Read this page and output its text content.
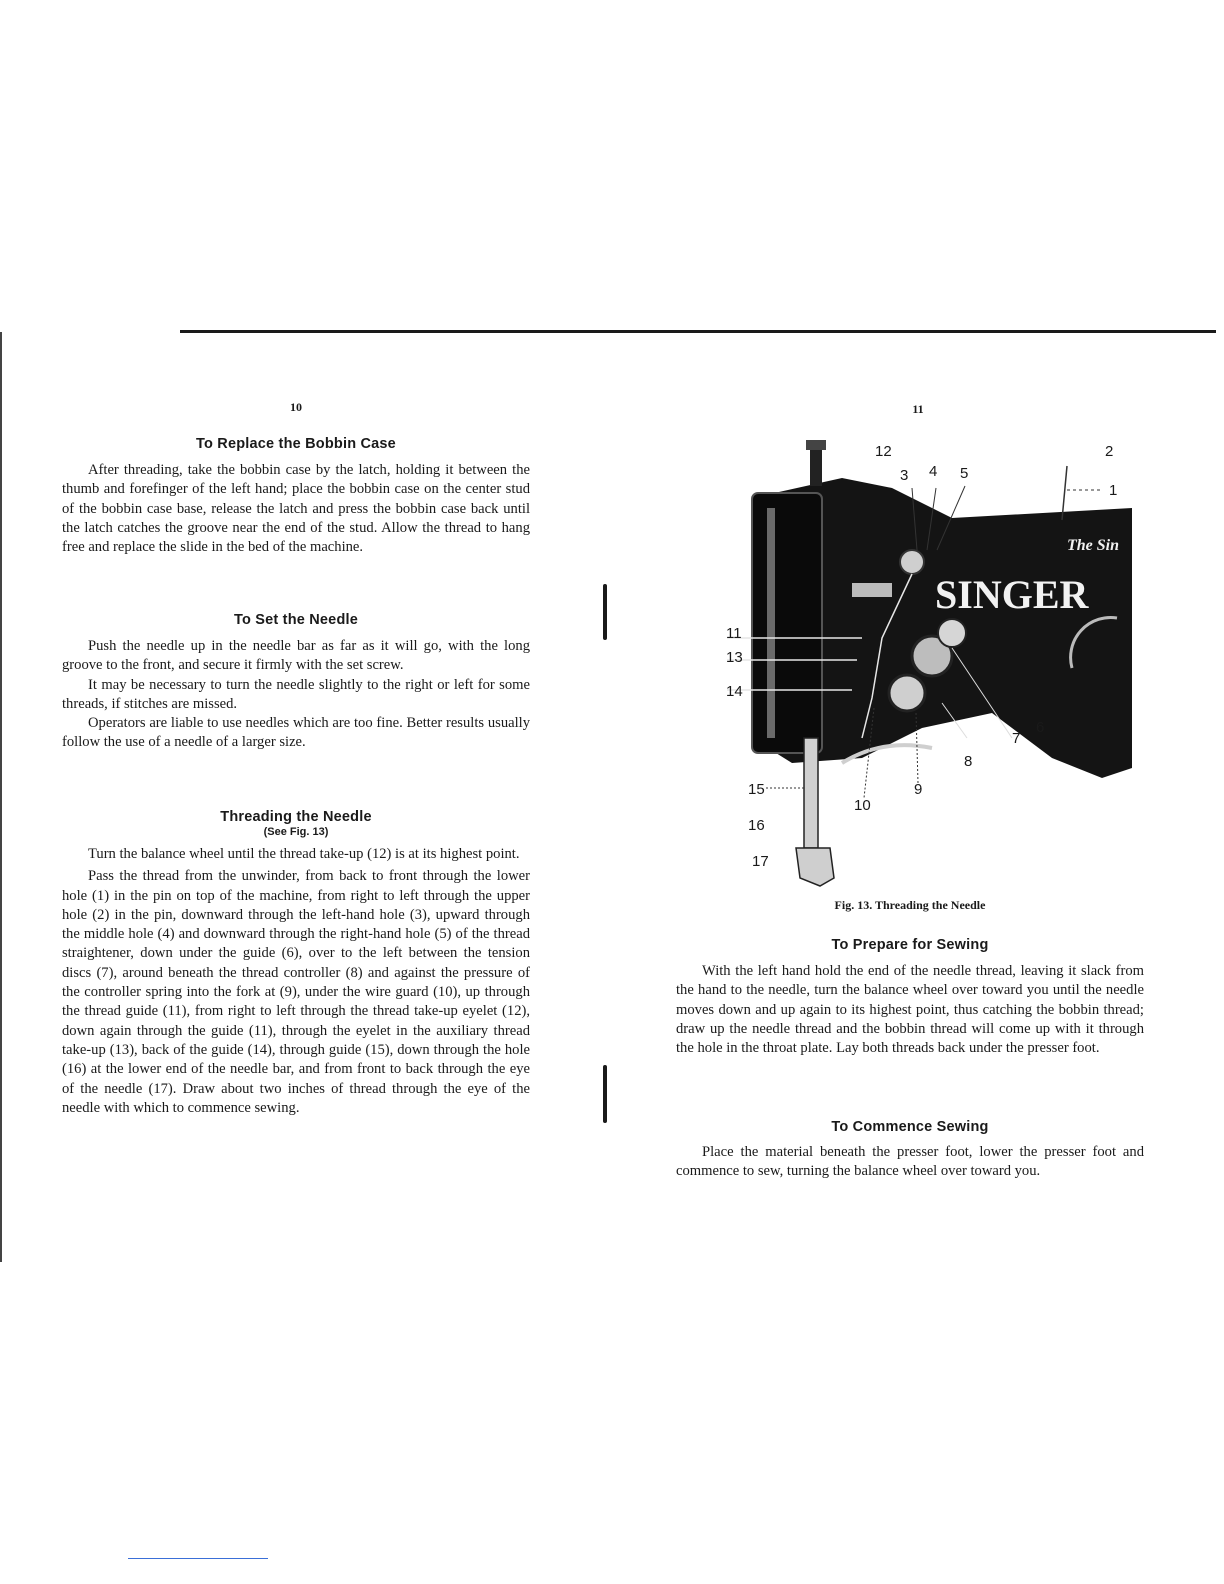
10
To Replace the Bobbin Case

After threading, take the bobbin case by the latch, holding it between the thumb and forefinger of the left hand; place the bobbin case on the center stud of the bobbin case base, release the latch and press the bobbin case back until the latch catches the groove near the end of the stud. Allow the thread to hang free and replace the slide in the bed of the machine.

To Set the Needle

Push the needle up in the needle bar as far as it will go, with the long groove to the front, and secure it firmly with the set screw.

It may be necessary to turn the needle slightly to the right or left for some threads, if stitches are missed.

Operators are liable to use needles which are too fine. Better results usually follow the use of a needle of a larger size.

Threading the Needle
(See Fig. 13)

Turn the balance wheel until the thread take-up (12) is at its highest point.

Pass the thread from the unwinder, from back to front through the lower hole (1) in the pin on top of the machine, from right to left through the upper hole (2) in the pin, downward through the left-hand hole (3), upward through the middle hole (4) and downward through the right-hand hole (5) of the thread straightener, down under the guide (6), over to the left between the tension discs (7), around beneath the thread controller (8) and against the pressure of the controller spring into the fork at (9), under the wire guard (10), up through the thread guide (11), from right to left through the thread take-up eyelet (12), down again through the guide (11), through the eyelet in the auxiliary thread take-up (13), back of the guide (14), through guide (15), down through the hole (16) at the lower end of the needle bar, and from front to back through the eye of the needle (17). Draw about two inches of thread through the eye of the needle with which to commence sewing.

11
SINGER
The Sin
12
3 4 5
2
1
11
13
14
7
6
8
9
10
15
16
17
Fig. 13. Threading the Needle
To Prepare for Sewing

With the left hand hold the end of the needle thread, leaving it slack from the hand to the needle, turn the balance wheel over toward you until the needle moves down and up again to its highest point, thus catching the bobbin thread; draw up the needle thread and the bobbin thread will come up with it through the hole in the throat plate. Lay both threads back under the presser foot.

To Commence Sewing

Place the material beneath the presser foot, lower the presser foot and commence to sew, turning the balance wheel over toward you.
